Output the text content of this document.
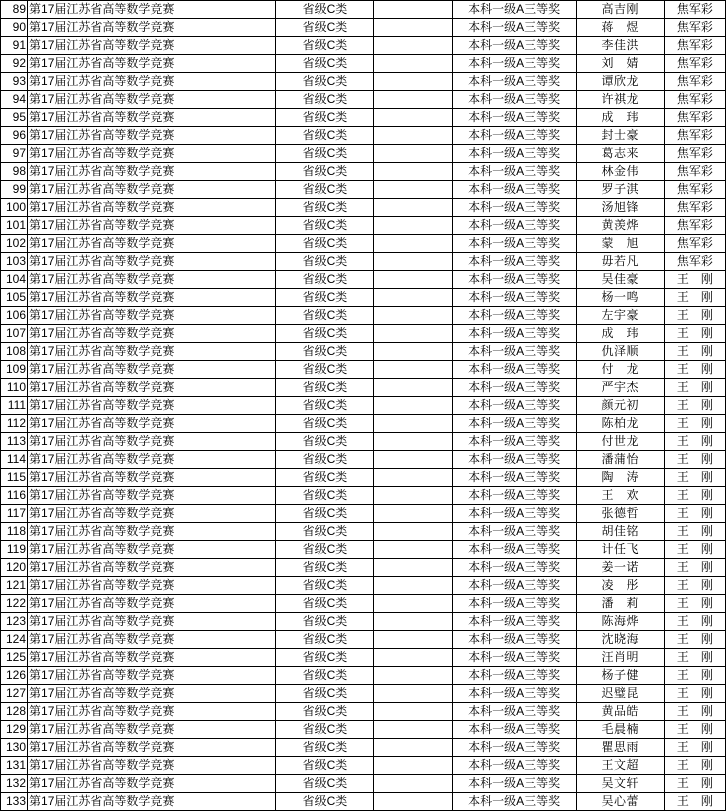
89	第17届江苏省高等数学竞赛	省级C类		本科一级A三等奖	高吉刚	焦军彩
90	第17届江苏省高等数学竞赛	省级C类		本科一级A三等奖	蒋　煜	焦军彩
91	第17届江苏省高等数学竞赛	省级C类		本科一级A三等奖	李佳洪	焦军彩
92	第17届江苏省高等数学竞赛	省级C类		本科一级A三等奖	刘　婧	焦军彩
93	第17届江苏省高等数学竞赛	省级C类		本科一级A三等奖	谭欣龙	焦军彩
94	第17届江苏省高等数学竞赛	省级C类		本科一级A三等奖	许祺龙	焦军彩
95	第17届江苏省高等数学竞赛	省级C类		本科一级A三等奖	成　玮	焦军彩
96	第17届江苏省高等数学竞赛	省级C类		本科一级A三等奖	封士豪	焦军彩
97	第17届江苏省高等数学竞赛	省级C类		本科一级A三等奖	葛志来	焦军彩
98	第17届江苏省高等数学竞赛	省级C类		本科一级A三等奖	林金伟	焦军彩
99	第17届江苏省高等数学竞赛	省级C类		本科一级A三等奖	罗子淇	焦军彩
100	第17届江苏省高等数学竞赛	省级C类		本科一级A三等奖	汤旭锋	焦军彩
101	第17届江苏省高等数学竞赛	省级C类		本科一级A三等奖	黄羡烨	焦军彩
102	第17届江苏省高等数学竞赛	省级C类		本科一级A三等奖	蒙　旭	焦军彩
103	第17届江苏省高等数学竞赛	省级C类		本科一级A三等奖	毋若凡	焦军彩
104	第17届江苏省高等数学竞赛	省级C类		本科一级A三等奖	吴佳豪	王　刚
105	第17届江苏省高等数学竞赛	省级C类		本科一级A三等奖	杨一鸣	王　刚
106	第17届江苏省高等数学竞赛	省级C类		本科一级A三等奖	左宇豪	王　刚
107	第17届江苏省高等数学竞赛	省级C类		本科一级A三等奖	成　玮	王　刚
108	第17届江苏省高等数学竞赛	省级C类		本科一级A三等奖	仇泽顺	王　刚
109	第17届江苏省高等数学竞赛	省级C类		本科一级A三等奖	付　龙	王　刚
110	第17届江苏省高等数学竞赛	省级C类		本科一级A三等奖	严宇杰	王　刚
111	第17届江苏省高等数学竞赛	省级C类		本科一级A三等奖	颜元初	王　刚
112	第17届江苏省高等数学竞赛	省级C类		本科一级A三等奖	陈柏龙	王　刚
113	第17届江苏省高等数学竞赛	省级C类		本科一级A三等奖	付世龙	王　刚
114	第17届江苏省高等数学竞赛	省级C类		本科一级A三等奖	潘蒲怡	王　刚
115	第17届江苏省高等数学竞赛	省级C类		本科一级A三等奖	陶　涛	王　刚
116	第17届江苏省高等数学竞赛	省级C类		本科一级A三等奖	王　欢	王　刚
117	第17届江苏省高等数学竞赛	省级C类		本科一级A三等奖	张德哲	王　刚
118	第17届江苏省高等数学竞赛	省级C类		本科一级A三等奖	胡佳铭	王　刚
119	第17届江苏省高等数学竞赛	省级C类		本科一级A三等奖	计任飞	王　刚
120	第17届江苏省高等数学竞赛	省级C类		本科一级A三等奖	姜一诺	王　刚
121	第17届江苏省高等数学竞赛	省级C类		本科一级A三等奖	凌　彤	王　刚
122	第17届江苏省高等数学竞赛	省级C类		本科一级A三等奖	潘　莉	王　刚
123	第17届江苏省高等数学竞赛	省级C类		本科一级A三等奖	陈海烨	王　刚
124	第17届江苏省高等数学竞赛	省级C类		本科一级A三等奖	沈晓海	王　刚
125	第17届江苏省高等数学竞赛	省级C类		本科一级A三等奖	汪肖明	王　刚
126	第17届江苏省高等数学竞赛	省级C类		本科一级A三等奖	杨子健	王　刚
127	第17届江苏省高等数学竞赛	省级C类		本科一级A三等奖	迟璧昆	王　刚
128	第17届江苏省高等数学竞赛	省级C类		本科一级A三等奖	黄品皓	王　刚
129	第17届江苏省高等数学竞赛	省级C类		本科一级A三等奖	毛晨楠	王　刚
130	第17届江苏省高等数学竞赛	省级C类		本科一级A三等奖	瞿思雨	王　刚
131	第17届江苏省高等数学竞赛	省级C类		本科一级A三等奖	王文超	王　刚
132	第17届江苏省高等数学竞赛	省级C类		本科一级A三等奖	吴文轩	王　刚
133	第17届江苏省高等数学竞赛	省级C类		本科一级A三等奖	吴心蕾	王　刚
